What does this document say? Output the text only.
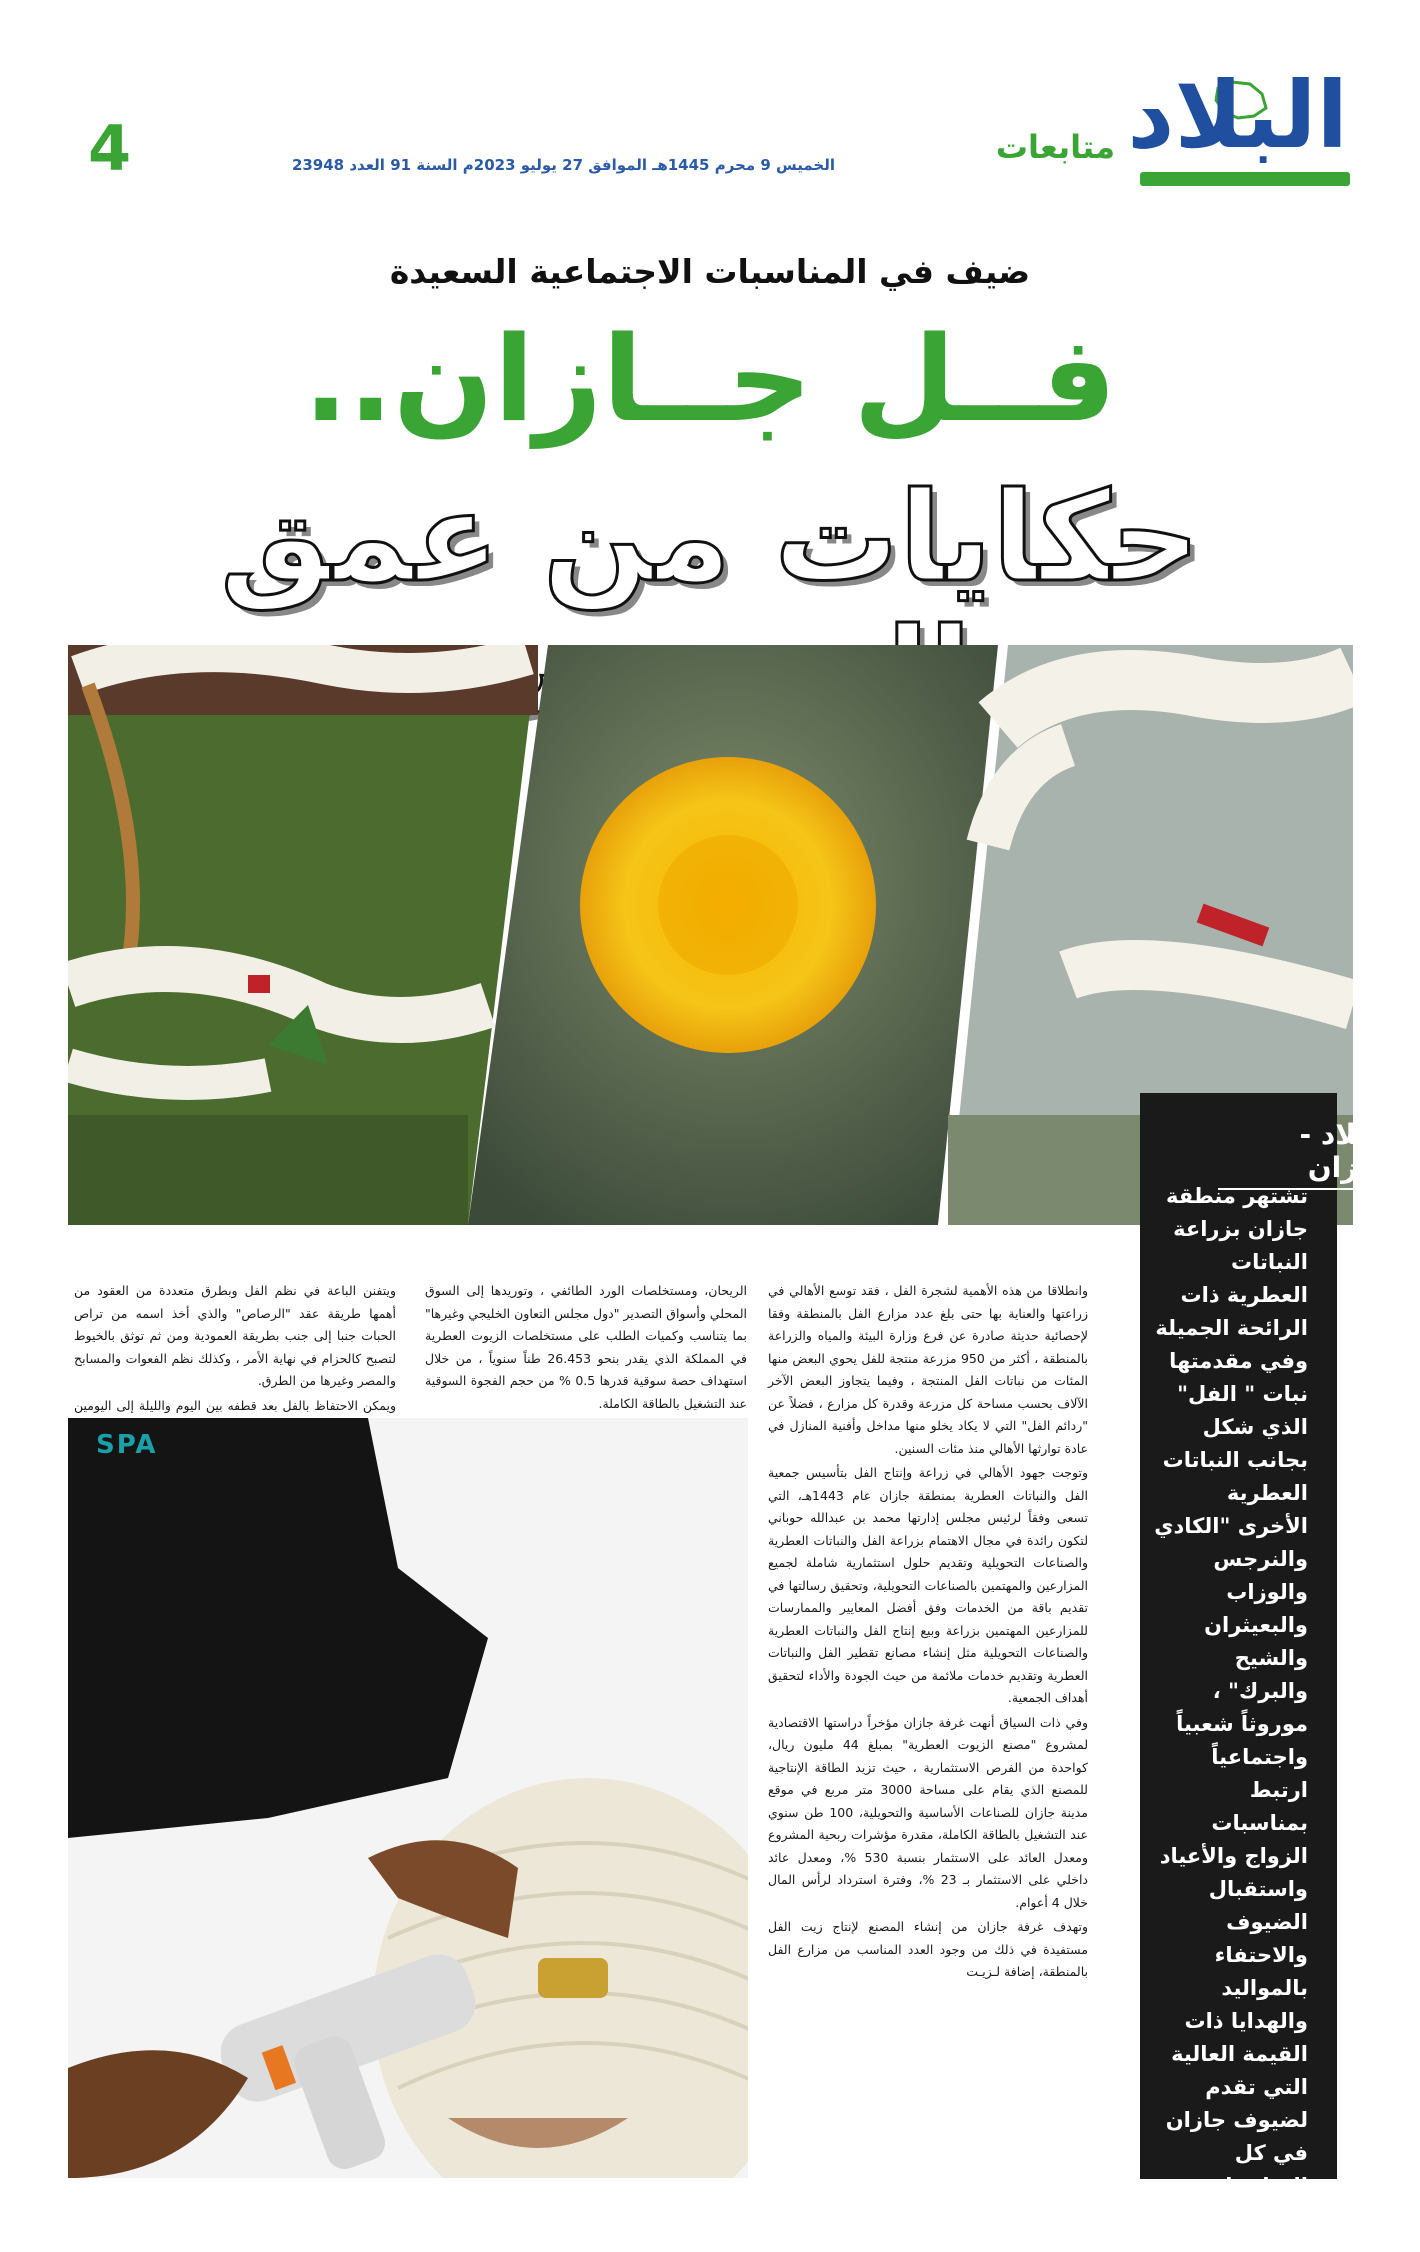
البلاد
متابعات
الخميس 9 محرم 1445هـ الموافق 27 يوليو 2023م السنة 91 العدد 23948
4
ضيف في المناسبات الاجتماعية السعيدة
فــل جــازان..
حكايات من عمق
البلاد - جازان
تشتهر منطقة جازان بزراعة النباتات العطرية ذات الرائحة الجميلة وفي مقدمتها نبات " الفل" الذي شكل بجانب النباتات العطرية الأخرى "الكادي والنرجس والوزاب والبعيثران والشيح والبرك" ، موروثاً شعبياً واجتماعياً ارتبط بمناسبات الزواج والأعياد واستقبال الضيوف والاحتفاء بالمواليد والهدايا ذات القيمة العالية التي تقدم لضيوف جازان في كل المناسبات.

وانطلاقا من هذه الأهمية لشجرة الفل ، فقد توسع الأهالي في زراعتها والعناية بها حتى بلغ عدد مزارع الفل بالمنطقة وفقا لإحصائية حديثة صادرة عن فرع وزارة البيئة والمياه والزراعة بالمنطقة ، أكثر من 950 مزرعة منتجة للفل يحوي البعض منها المئات من نباتات الفل المنتجة ، وفيما يتجاوز البعض الآخر الآلاف بحسب مساحة كل مزرعة وقدرة كل مزارع ، فضلاً عن "ردائم الفل" التي لا يكاد يخلو منها مداخل وأفنية المنازل في عادة توارثها الأهالي منذ مئات السنين.

وتوجت جهود الأهالي في زراعة وإنتاج الفل بتأسيس جمعية الفل والنباتات العطرية بمنطقة جازان عام 1443هـ، التي تسعى وفقاً لرئيس مجلس إدارتها محمد بن عبدالله حوباني لتكون رائدة في مجال الاهتمام بزراعة الفل والنباتات العطرية والصناعات التحويلية وتقديم حلول استثمارية شاملة لجميع المزارعين والمهتمين بالصناعات التحويلية، وتحقيق رسالتها في تقديم باقة من الخدمات وفق أفضل المعايير والممارسات للمزارعين المهتمين بزراعة وبيع إنتاج الفل والنباتات العطرية والصناعات التحويلية مثل إنشاء مصانع تقطير الفل والنباتات العطرية وتقديم خدمات ملائمة من حيث الجودة والأداء لتحقيق أهداف الجمعية.

وفي ذات السياق أنهت غرفة جازان مؤخراً دراستها الاقتصادية لمشروع "مصنع الزيوت العطرية" بمبلغ 44 مليون ريال، كواحدة من الفرص الاستثمارية ، حيث تزيد الطاقة الإنتاجية للمصنع الذي يقام على مساحة 3000 متر مربع في موقع مدينة جازان للصناعات الأساسية والتحويلية، 100 طن سنوي عند التشغيل بالطاقة الكاملة، مقدرة مؤشرات ربحية المشروع ومعدل العائد على الاستثمار بنسبة 530 %، ومعدل عائد داخلي على الاستثمار بـ 23 %، وفترة استرداد لرأس المال خلال 4 أعوام.

وتهدف غرفة جازان من إنشاء المصنع لإنتاج زيت الفل مستفيدة في ذلك من وجود العدد المناسب من مزارع الفل بالمنطقة، إضافة لـزيـت

الريحان، ومستخلصات الورد الطائفي ، وتوريدها إلى السوق المحلي وأسواق التصدير "دول مجلس التعاون الخليجي وغيرها" بما يتناسب وكميات الطلب على مستخلصات الزيوت العطرية في المملكة الذي يقدر بنحو 26.453 طناً سنوياً ، من خلال استهداف حصة سوقية قدرها 0.5 % من حجم الفجوة السوقية عند التشغيل بالطاقة الكاملة.

ويتفنن الباعة في نظم الفل وبطرق متعددة من العقود من أهمها طريقة عقد "الرصاص" والذي أخذ اسمه من تراص الحبات جنبا إلى جنب بطريقة العمودية ومن ثم توثق بالخيوط لتصبح كالحزام في نهاية الأمر ، وكذلك نظم الفعوات والمسابح والمصر وغيرها من الطرق.

ويمكن الاحتفاظ بالفل بعد قطفه بين اليوم والليلة إلى اليومين

SPA
